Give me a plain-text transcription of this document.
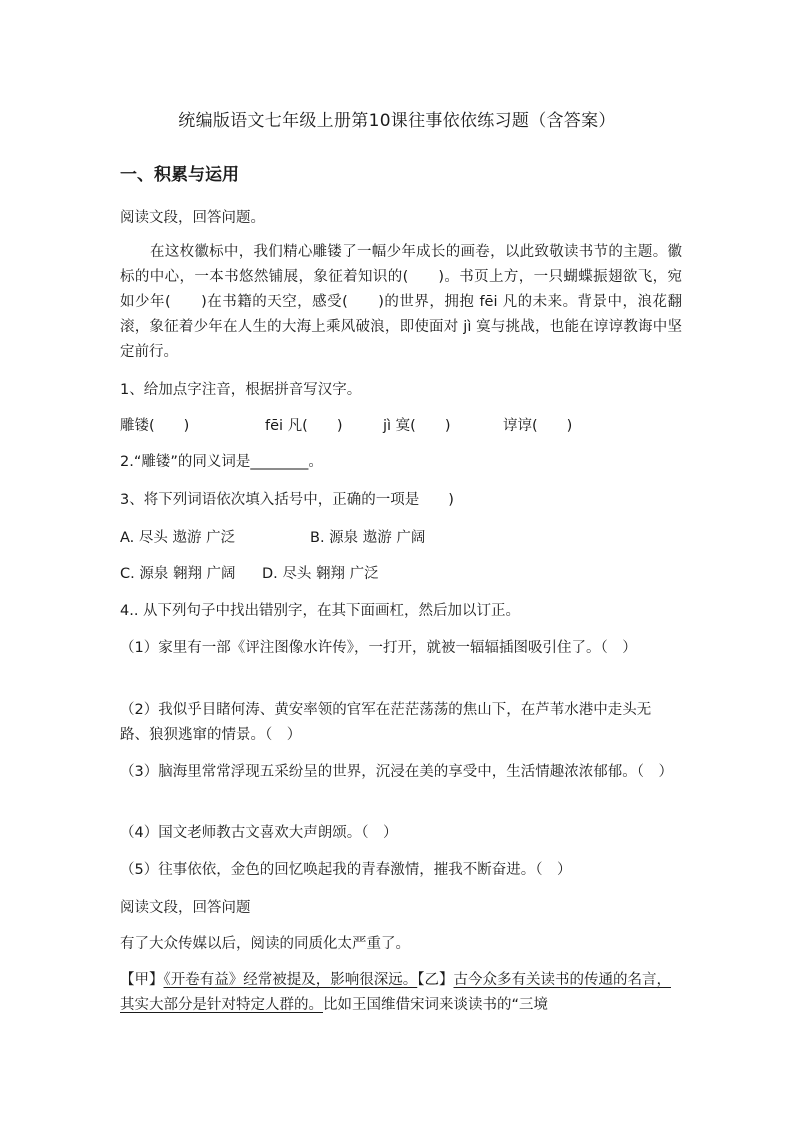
统编版语文七年级上册第10课往事依依练习题（含答案）
一、积累与运用
阅读文段，回答问题。
在这枚徽标中，我们精心雕镂了一幅少年成长的画卷，以此致敬读书节的主题。徽标的中心，一本书悠然铺展，象征着知识的(　　)。书页上方，一只蝴蝶振翅欲飞，宛如少年(　　)在书籍的天空，感受(　　)的世界，拥抱 fēi 凡的未来。背景中，浪花翻滚，象征着少年在人生的大海上乘风破浪，即使面对 jì 寞与挑战，也能在谆谆教诲中坚定前行。
1、给加点字注音，根据拼音写汉字。
雕镂(　　)	fēi 凡(　　)	jì 寞(　　)	谆谆(　　)
2.“雕镂”的同义词是________。
3、将下列词语依次填入括号中，正确的一项是　　)
A. 尽头 遨游 广泛	B. 源泉 遨游 广阔
C. 源泉 翱翔 广阔 D. 尽头 翱翔 广泛
4.. 从下列句子中找出错别字，在其下面画杠，然后加以订正。
（1）家里有一部《评注图像水许传》，一打开，就被一辐辐插图吸引住了。（　）
（2）我似乎目睹何涛、黄安率领的官军在茫茫荡荡的焦山下，在芦苇水港中走头无路、狼狈逃窜的情景。（　）
（3）脑海里常常浮现五采纷呈的世界，沉浸在美的享受中，生活情趣浓浓郁郁。（　）
（4）国文老师教古文喜欢大声朗颂。（　）
（5）往事依依，金色的回忆唤起我的青春激情，摧我不断奋进。（　）
阅读文段，回答问题
有了大众传媒以后，阅读的同质化太严重了。
【甲】《开卷有益》经常被提及，影响很深远。【乙】古今众多有关读书的传通的名言，其实大部分是针对特定人群的。比如王国维借宋词来谈读书的“三境
